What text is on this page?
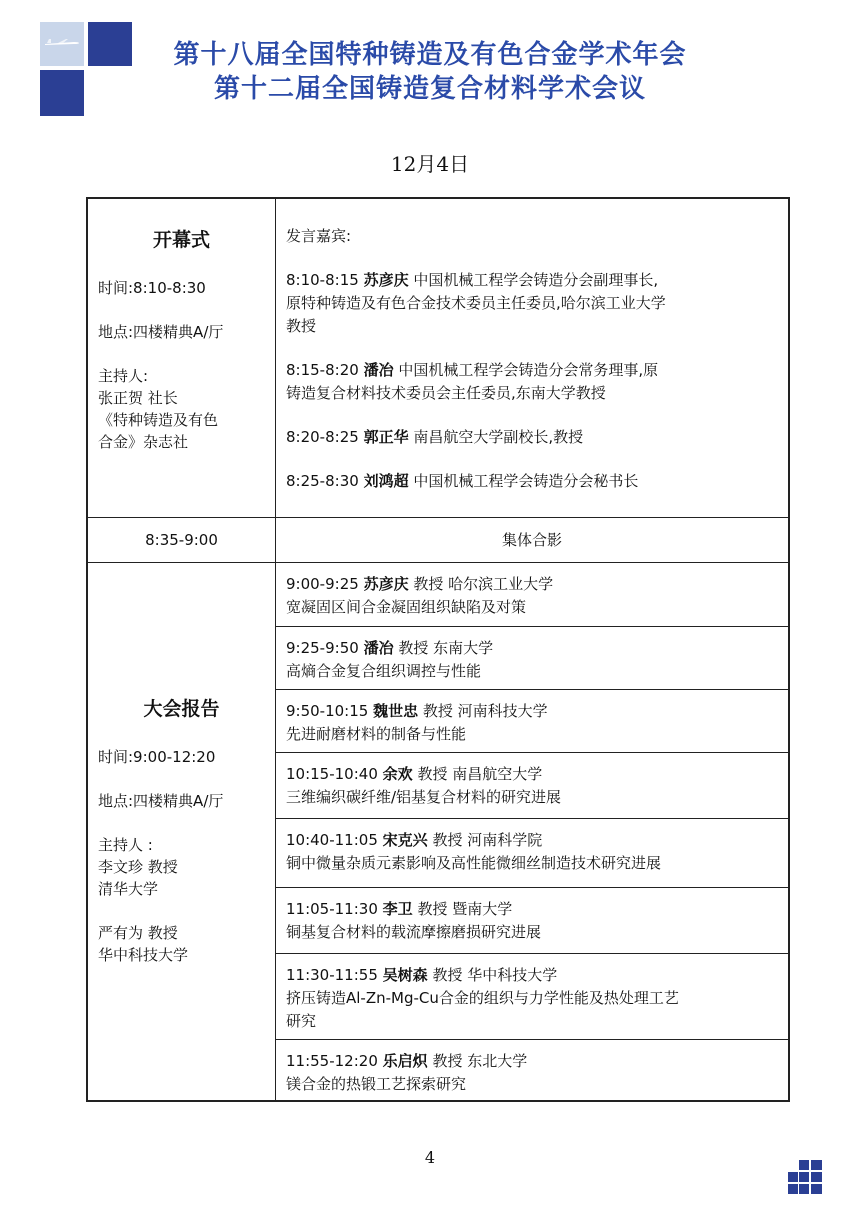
第十八届全国特种铸造及有色合金学术年会
第十二届全国铸造复合材料学术会议
12月4日
开幕式
时间:8:10-8:30
地点:四楼精典A/厅
主持人:
张正贺 社长
《特种铸造及有色
合金》杂志社
发言嘉宾:
8:10-8:15 苏彦庆 中国机械工程学会铸造分会副理事长,
原特种铸造及有色合金技术委员主任委员,哈尔滨工业大学
教授
8:15-8:20 潘冶 中国机械工程学会铸造分会常务理事,原
铸造复合材料技术委员会主任委员,东南大学教授
8:20-8:25 郭正华 南昌航空大学副校长,教授
8:25-8:30 刘鸿超 中国机械工程学会铸造分会秘书长
8:35-9:00	集体合影
大会报告
时间:9:00-12:20
地点:四楼精典A/厅
主持人 :
李文珍 教授
清华大学
严有为 教授
华中科技大学
9:00-9:25 苏彦庆 教授 哈尔滨工业大学
宽凝固区间合金凝固组织缺陷及对策
9:25-9:50 潘冶 教授 东南大学
高熵合金复合组织调控与性能
9:50-10:15 魏世忠 教授 河南科技大学
先进耐磨材料的制备与性能
10:15-10:40 余欢 教授 南昌航空大学
三维编织碳纤维/铝基复合材料的研究进展
10:40-11:05 宋克兴 教授 河南科学院
铜中微量杂质元素影响及高性能微细丝制造技术研究进展
11:05-11:30 李卫 教授 暨南大学
铜基复合材料的载流摩擦磨损研究进展
11:30-11:55 吴树森 教授 华中科技大学
挤压铸造Al-Zn-Mg-Cu合金的组织与力学性能及热处理工艺
研究
11:55-12:20 乐启炽 教授 东北大学
镁合金的热锻工艺探索研究
4
